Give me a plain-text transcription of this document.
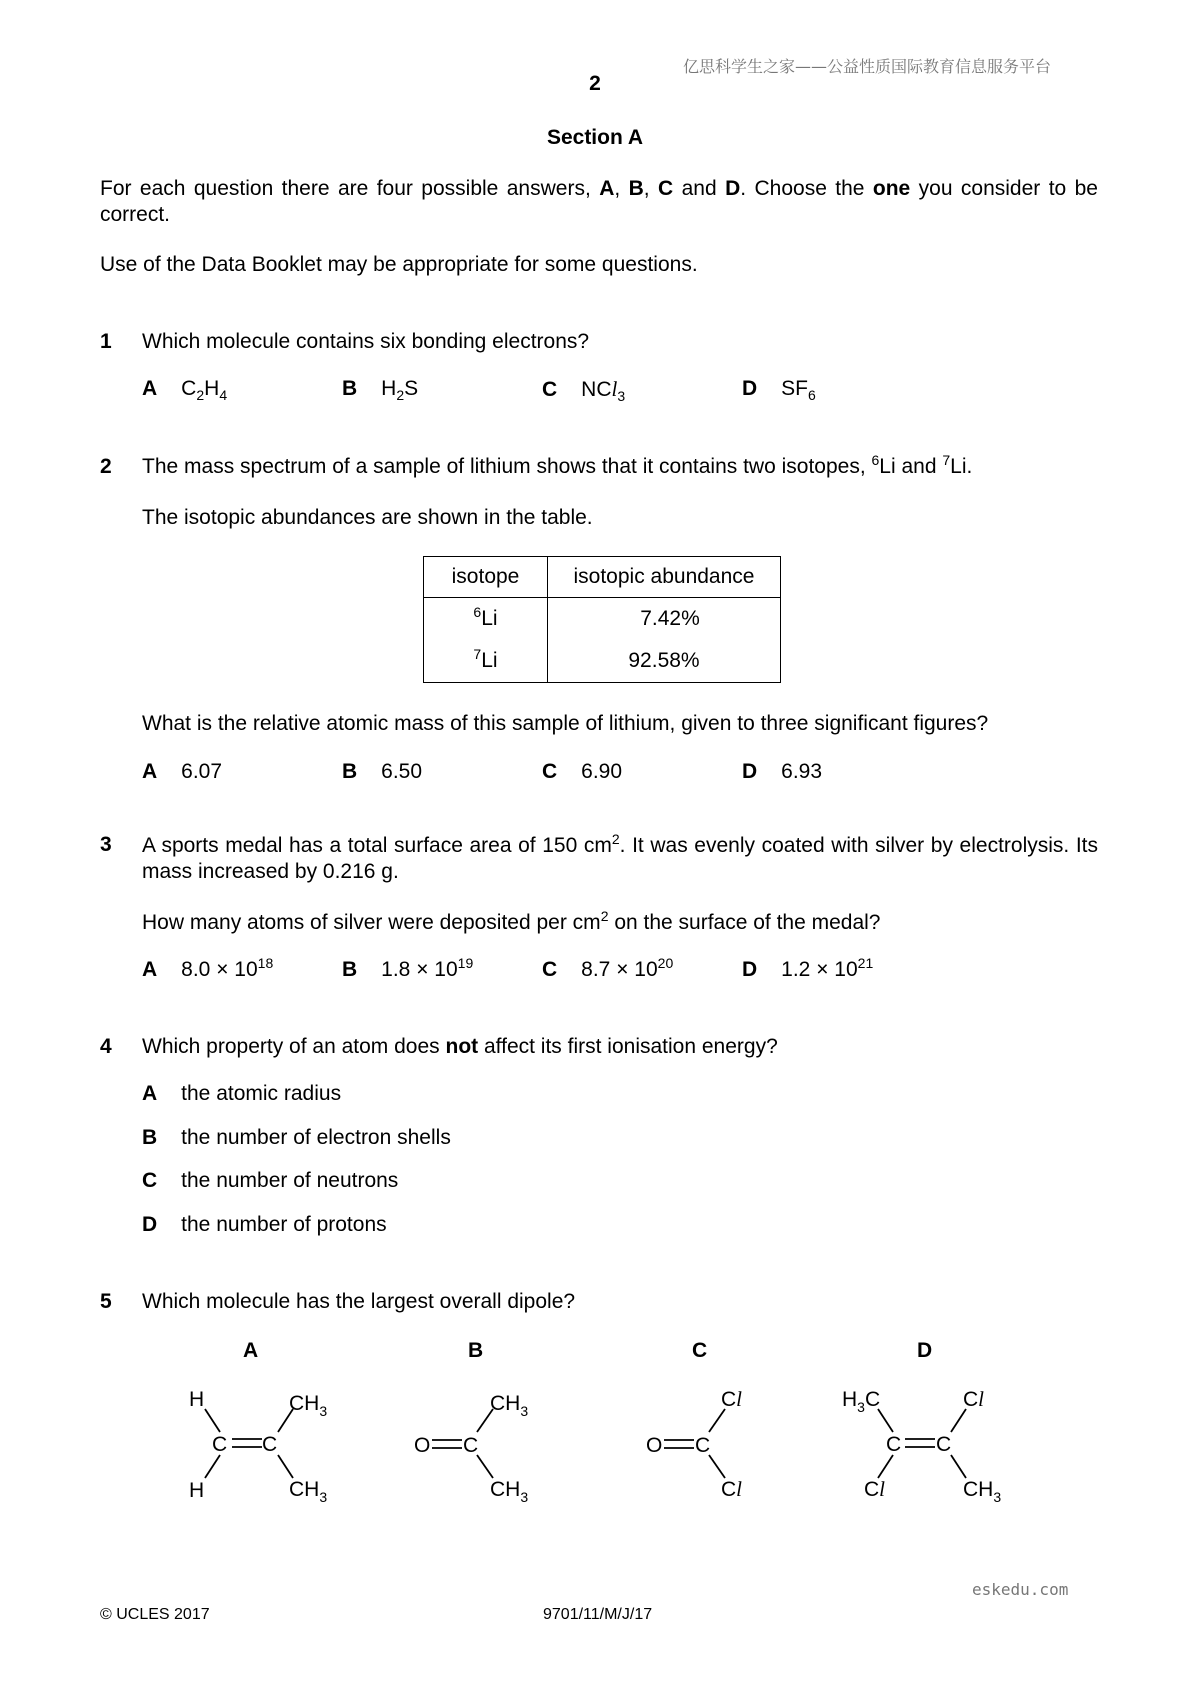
亿思科学生之家——公益性质国际教育信息服务平台
2
Section A
For each question there are four possible answers, A, B, C and D. Choose the one you consider to be correct.
Use of the Data Booklet may be appropriate for some questions.
1 Which molecule contains six bonding electrons?
A $C_2H_4$	B $H_2S$	C NCl$_3$	D $SF_6$
2 The mass spectrum of a sample of lithium shows that it contains two isotopes, $^6$Li and $^7$Li.
The isotopic abundances are shown in the table.
isotope	isotopic abundance
$^6$Li	7.42%
$^7$Li	92.58%
What is the relative atomic mass of this sample of lithium, given to three significant figures?
A 6.07	B 6.50	C 6.90	D 6.93
3 A sports medal has a total surface area of 150 $cm^2$. It was evenly coated with silver by electrolysis. Its mass increased by 0.216 g.
How many atoms of silver were deposited per $cm^2$ on the surface of the medal?
A $8.0 \times 10^{18}$	B $1.8 \times 10^{19}$	C $8.7 \times 10^{20}$	D $1.2 \times 10^{21}$
4 Which property of an atom does not affect its first ionisation energy?
A the atomic radius
B the number of electron shells
C the number of neutrons
D the number of protons
5 Which molecule has the largest overall dipole?
A	B	C	D
H
H
C C
$CH_3$
$CH_3$
O C
$CH_3$
$CH_3$
O C
Cl
Cl
$H_3C$
Cl
C C
Cl
$CH_3$
eskedu.com
© UCLES 2017	9701/11/M/J/17
